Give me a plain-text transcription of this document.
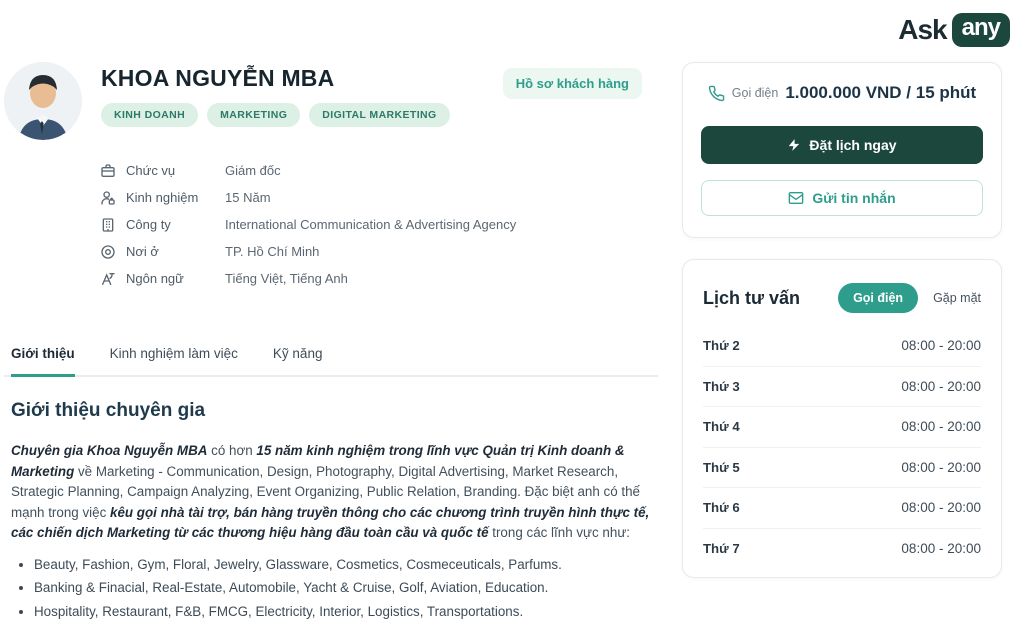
Ask any
KHOA NGUYỄN MBA
KINH DOANH	MARKETING	DIGITAL MARKETING
Hồ sơ khách hàng
Chức vụ	Giám đốc
Kinh nghiệm	15 Năm
Công ty	International Communication & Advertising Agency
Nơi ở	TP. Hồ Chí Minh
Ngôn ngữ	Tiếng Việt, Tiếng Anh
Giới thiệu	Kinh nghiệm làm việc	Kỹ năng
Giới thiệu chuyên gia
Chuyên gia Khoa Nguyễn MBA có hơn 15 năm kinh nghiệm trong lĩnh vực Quản trị Kinh doanh & Marketing về Marketing - Communication, Design, Photography, Digital Advertising, Market Research, Strategic Planning, Campaign Analyzing, Event Organizing, Public Relation, Branding. Đặc biệt anh có thế mạnh trong việc kêu gọi nhà tài trợ, bán hàng truyền thông cho các chương trình truyền hình thực tế, các chiến dịch Marketing từ các thương hiệu hàng đầu toàn cầu và quốc tế trong các lĩnh vực như:
• Beauty, Fashion, Gym, Floral, Jewelry, Glassware, Cosmetics, Cosmeceuticals, Parfums.
• Banking & Finacial, Real-Estate, Automobile, Yacht & Cruise, Golf, Aviation, Education.
• Hospitality, Restaurant, F&B, FMCG, Electricity, Interior, Logistics, Transportations.
Gọi điện 1.000.000 VND / 15 phút
Đặt lịch ngay
Gửi tin nhắn
Lịch tư vấn	Gọi điện	Gặp mặt
Thứ 2	08:00 - 20:00
Thứ 3	08:00 - 20:00
Thứ 4	08:00 - 20:00
Thứ 5	08:00 - 20:00
Thứ 6	08:00 - 20:00
Thứ 7	08:00 - 20:00
